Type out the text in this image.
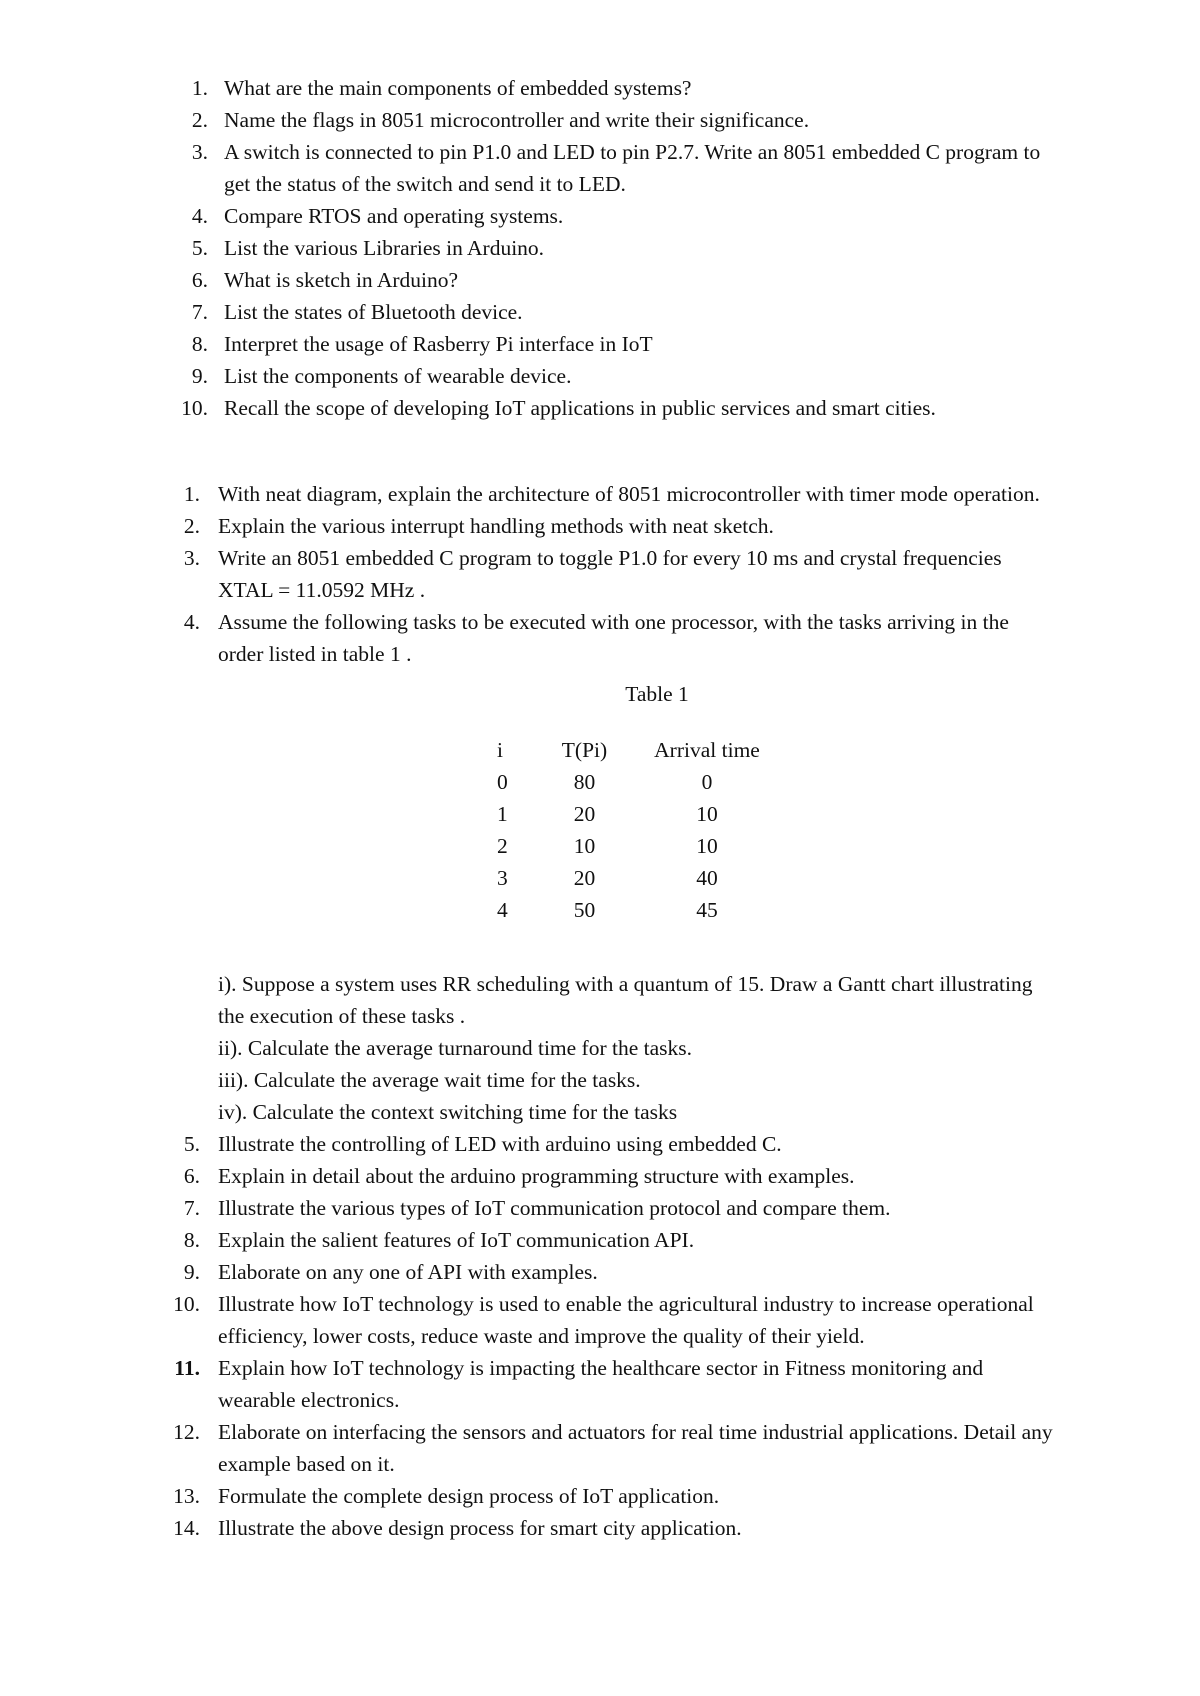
1. What are the main components of embedded systems?
2. Name the flags in 8051 microcontroller and write their significance.
3. A switch is connected to pin P1.0 and LED to pin P2.7. Write an 8051 embedded C program to
get the status of the switch and send it to LED.
4. Compare RTOS and operating systems.
5. List the various Libraries in Arduino.
6. What is sketch in Arduino?
7. List the states of Bluetooth device.
8. Interpret the usage of Rasberry Pi interface in IoT
9. List the components of wearable device.
10. Recall the scope of developing IoT applications in public services and smart cities.
1. With neat diagram, explain the architecture of 8051 microcontroller with timer mode operation.
2. Explain the various interrupt handling methods with neat sketch.
3. Write an 8051 embedded C program to toggle P1.0 for every 10 ms and crystal frequencies
XTAL = 11.0592 MHz .
4. Assume the following tasks to be executed with one processor, with the tasks arriving in the
order listed in table 1 .
Table 1
i	T(Pi)	Arrival time
0	80	0
1	20	10
2	10	10
3	20	40
4	50	45
i). Suppose a system uses RR scheduling with a quantum of 15. Draw a Gantt chart illustrating
the execution of these tasks .
ii). Calculate the average turnaround time for the tasks.
iii). Calculate the average wait time for the tasks.
iv). Calculate the context switching time for the tasks
5. Illustrate the controlling of LED with arduino using embedded C.
6. Explain in detail about the arduino programming structure with examples.
7. Illustrate the various types of IoT communication protocol and compare them.
8. Explain the salient features of IoT communication API.
9. Elaborate on any one of API with examples.
10. Illustrate how IoT technology is used to enable the agricultural industry to increase operational
efficiency, lower costs, reduce waste and improve the quality of their yield.
11. Explain how IoT technology is impacting the healthcare sector in Fitness monitoring and
wearable electronics.
12. Elaborate on interfacing the sensors and actuators for real time industrial applications. Detail any
example based on it.
13. Formulate the complete design process of IoT application.
14. Illustrate the above design process for smart city application.
